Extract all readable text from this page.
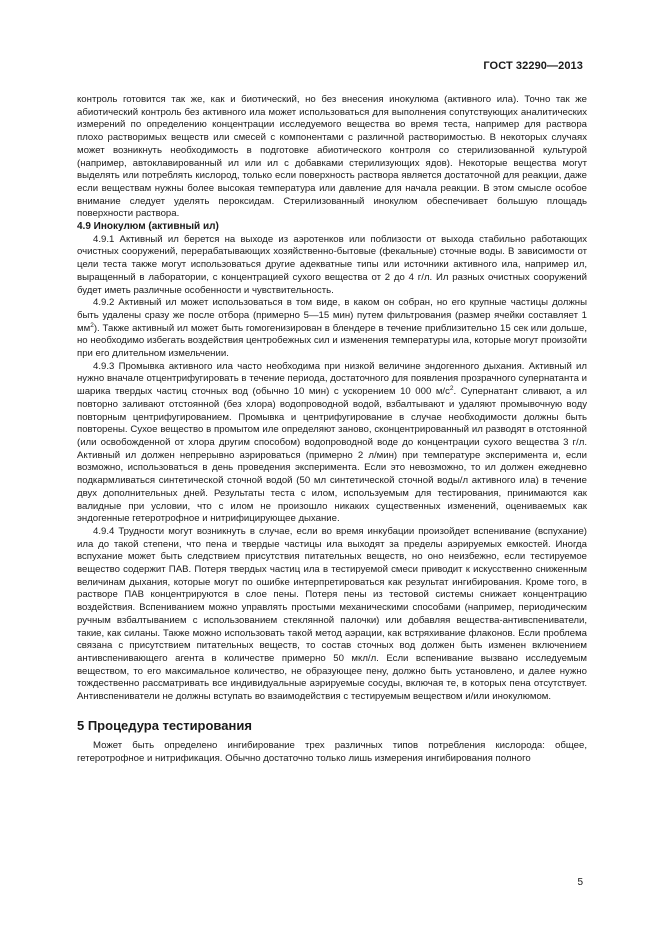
ГОСТ 32290—2013

контроль готовится так же, как и биотический, но без внесения инокулюма (активного ила). Точно так же абиотический контроль без активного ила может использоваться для выполнения сопутствующих аналитических измерений по определению концентрации исследуемого вещества во время теста, например для раствора плохо растворимых веществ или смесей с компонентами с различной растворимостью. В некоторых случаях может возникнуть необходимость в подготовке абиотического контроля со стерилизованной культурой (например, автоклавированный ил или ил с добавками стерилизующих ядов). Некоторые вещества могут выделять или потреблять кислород, только если поверхность раствора является достаточной для реакции, даже если веществам нужны более высокая температура или давление для начала реакции. В этом смысле особое внимание следует уделять пероксидам. Стерилизованный инокулюм обеспечивает большую площадь поверхности раствора.

4.9 Инокулюм (активный ил)

4.9.1 Активный ил берется на выходе из аэротенков или поблизости от выхода стабильно работающих очистных сооружений, перерабатывающих хозяйственно-бытовые (фекальные) сточные воды. В зависимости от цели теста также могут использоваться другие адекватные типы или источники активного ила, например ил, выращенный в лаборатории, с концентрацией сухого вещества от 2 до 4 г/л. Ил разных очистных сооружений будет иметь различные особенности и чувствительность.

4.9.2 Активный ил может использоваться в том виде, в каком он собран, но его крупные частицы должны быть удалены сразу же после отбора (примерно 5—15 мин) путем фильтрования (размер ячейки составляет 1 $мм^2$). Также активный ил может быть гомогенизирован в блендере в течение приблизительно 15 сек или дольше, но необходимо избегать воздействия центробежных сил и изменения температуры ила, которые могут произойти при его длительном измельчении.

4.9.3 Промывка активного ила часто необходима при низкой величине эндогенного дыхания. Активный ил нужно вначале отцентрифугировать в течение периода, достаточного для появления прозрачного супернатанта и шарика твердых частиц сточных вод (обычно 10 мин) с ускорением 10 000 $м/с^2$. Супернатант сливают, а ил повторно заливают отстоянной (без хлора) водопроводной водой, взбалтывают и удаляют промывочную воду повторным центрифугированием. Промывка и центрифугирование в случае необходимости должны быть повторены. Сухое вещество в промытом иле определяют заново, сконцентрированный ил разводят в отстоянной (или освобожденной от хлора другим способом) водопроводной воде до концентрации сухого вещества 3 г/л. Активный ил должен непрерывно аэрироваться (примерно 2 л/мин) при температуре эксперимента и, если возможно, использоваться в день проведения эксперимента. Если это невозможно, то ил должен ежедневно подкармливаться синтетической сточной водой (50 мл синтетической сточной воды/л активного ила) в течение двух дополнительных дней. Результаты теста с илом, используемым для тестирования, принимаются как валидные при условии, что с илом не произошло никаких существенных изменений, оцениваемых как эндогенные гетеротрофное и нитрифицирующее дыхание.

4.9.4 Трудности могут возникнуть в случае, если во время инкубации произойдет вспенивание (вспухание) ила до такой степени, что пена и твердые частицы ила выходят за пределы аэрируемых емкостей. Иногда вспухание может быть следствием присутствия питательных веществ, но оно неизбежно, если тестируемое вещество содержит ПАВ. Потеря твердых частиц ила в тестируемой смеси приводит к искусственно сниженным величинам дыхания, которые могут по ошибке интерпретироваться как результат ингибирования. Кроме того, в растворе ПАВ концентрируются в слое пены. Потеря пены из тестовой системы снижает концентрацию воздействия. Вспениванием можно управлять простыми механическими способами (например, периодическим ручным взбалтыванием с использованием стеклянной палочки) или добавляя вещества-антивспениватели, такие, как силаны. Также можно использовать такой метод аэрации, как встряхивание флаконов. Если проблема связана с присутствием питательных веществ, то состав сточных вод должен быть изменен включением антивспенивающего агента в количестве примерно 50 мкл/л. Если вспенивание вызвано исследуемым веществом, то его максимальное количество, не образующее пену, должно быть установлено, и далее нужно тождественно рассматривать все индивидуальные аэрируемые сосуды, включая те, в которых пена отсутствует. Антивспениватели не должны вступать во взаимодействия с тестируемым веществом и/или инокулюмом.

5 Процедура тестирования

Может быть определено ингибирование трех различных типов потребления кислорода: общее, гетеротрофное и нитрификация. Обычно достаточно только лишь измерения ингибирования полного

5
